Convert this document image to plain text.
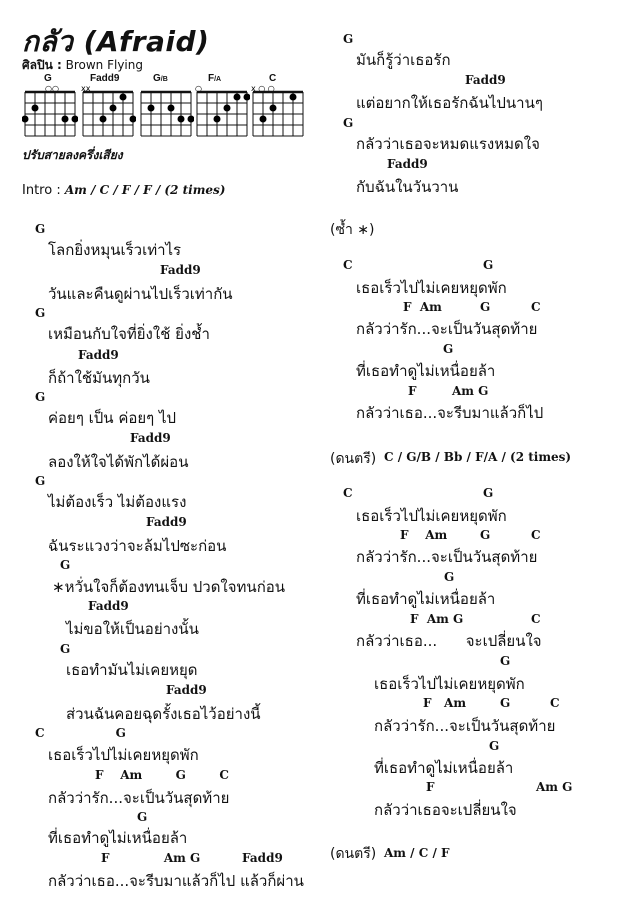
กลัว (Afraid)
ศิลปิน : Brown Flying
G
○○
Fadd9
xx
G/B	F/A
○
C
x ○ ○
ปรับสายลงครึ่งเสียง
Intro : Am / C / F / F / (2 times)
G
โลกยิ่งหมุนเร็วเท่าไร
Fadd9
วันและคืนดูผ่านไปเร็วเท่ากัน
G
เหมือนกับใจที่ยิ่งใช้ ยิ่งช้ำ
Fadd9
ก็ถ้าใช้มันทุกวัน
G
ค่อยๆ เป็น ค่อยๆ ไป
Fadd9
ลองให้ใจได้พักได้ผ่อน
G
ไม่ต้องเร็ว ไม่ต้องแรง
Fadd9
ฉันระแวงว่าจะล้มไปซะก่อน
G
∗หวั่นใจก็ต้องทนเจ็บ ปวดใจทนก่อน
Fadd9
ไม่ขอให้เป็นอย่างนั้น
G
เธอทำมันไม่เคยหยุด
Fadd9
ส่วนฉันคอยฉุดรั้งเธอไว้อย่างนี้
C                 G
เธอเร็วไปไม่เคยหยุดพัก
F    Am        G        C
กลัวว่ารัก...จะเป็นวันสุดท้าย
G
ที่เธอทำดูไม่เหนื่อยล้า
F             Am G          Fadd9
กลัวว่าเธอ...จะรีบมาแล้วก็ไป แล้วก็ผ่าน
G
มันก็รู้ว่าเธอรัก
Fadd9
แต่อยากให้เธอรักฉันไปนานๆ
G
กลัวว่าเธอจะหมดแรงหมดใจ
Fadd9
กับฉันในวันวาน
(ซ้ำ ∗)
C	G
เธอเร็วไปไม่เคยหยุดพัก
F  Am	G	C
กลัวว่ารัก...จะเป็นวันสุดท้าย
G
ที่เธอทำดูไม่เหนื่อยล้า
F	Am G
กลัวว่าเธอ...จะรีบมาแล้วก็ไป
(ดนตรี) C / G/B / Bb / F/A / (2 times)
C	G
เธอเร็วไปไม่เคยหยุดพัก
F    Am	G	C
กลัวว่ารัก...จะเป็นวันสุดท้าย
G
ที่เธอทำดูไม่เหนื่อยล้า
F  Am G	C
กลัวว่าเธอ...      จะเปลี่ยนใจ
G
เธอเร็วไปไม่เคยหยุดพัก
F   Am	G	C
กลัวว่ารัก...จะเป็นวันสุดท้าย
G
ที่เธอทำดูไม่เหนื่อยล้า
F	Am G
กลัวว่าเธอจะเปลี่ยนใจ
(ดนตรี) Am / C / F
